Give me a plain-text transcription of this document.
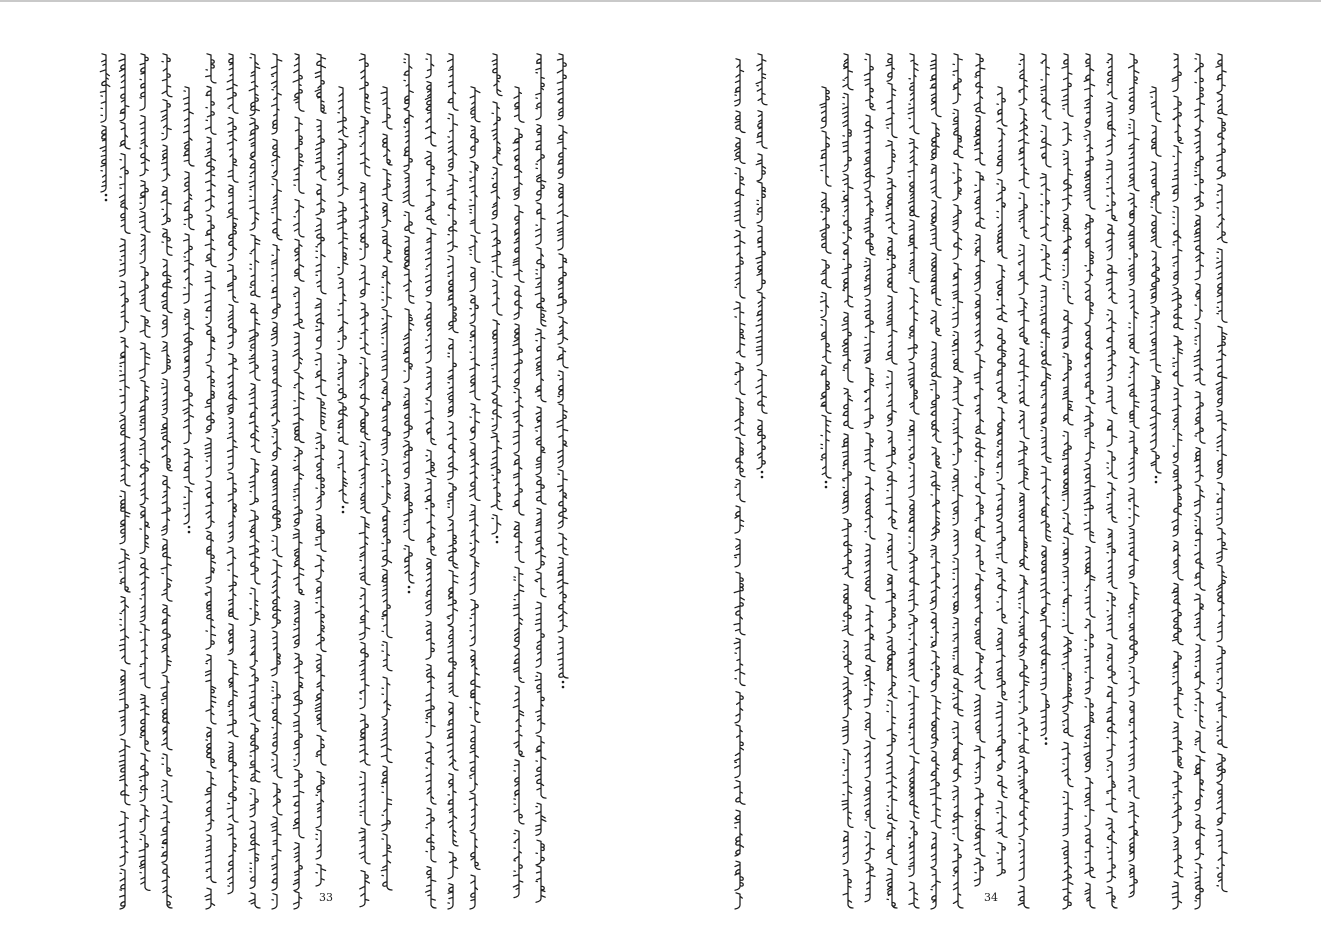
33	34
